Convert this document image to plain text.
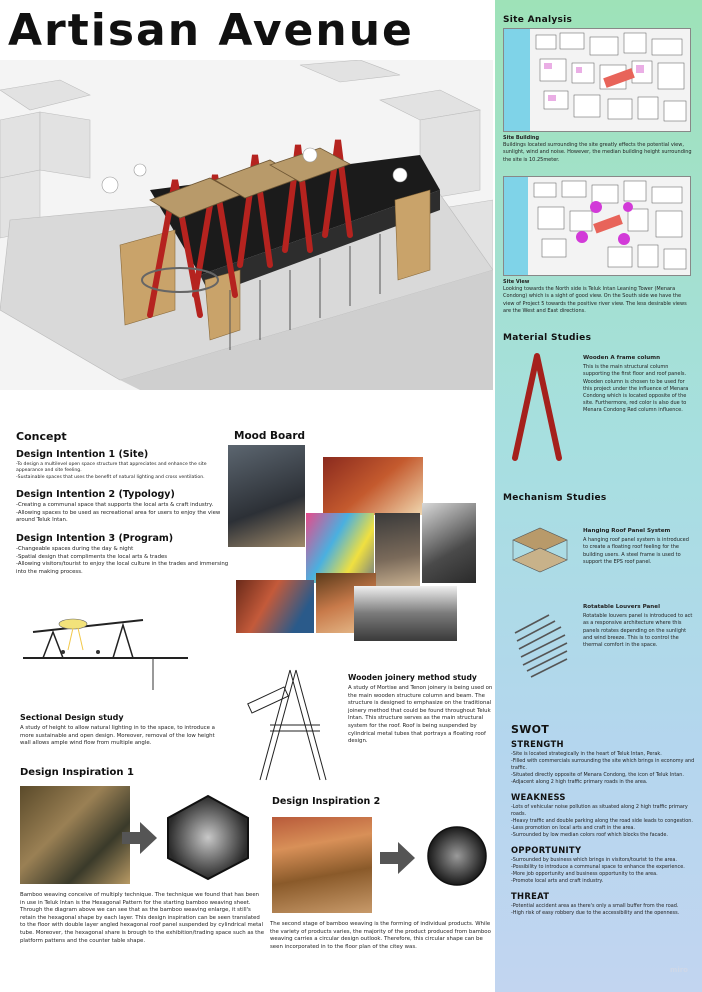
Artisan Avenue
Concept
Design Intention 1 (Site)
-To design a multilevel open space structure that appreciates and enhance the site appearance and site feeling.
-Sustainable spaces that uses the benefit of natural lighting and cross ventilation.
Design Intention 2 (Typology)
-Creating a communal space that supports the local arts & craft industry.
-Allowing spaces to be used as recreational area for users to enjoy the view around Teluk Intan.
Design Intention 3 (Program)
-Changeable spaces during the day & night
-Spatial design that compliments the local arts & trades
-Allowing visitors/tourist to enjoy the local culture in the trades and immersing into the making process.
Mood Board
Sectional Design study
A study of height to allow natural lighting in to the space, to introduce a more sustainable and open design. Moreover, removal of the low height wall allows ample wind flow from multiple angle.
Wooden joinery method study
A study of Mortise and Tenon joinery is being used on the main wooden structure column and beam. The structure is designed to emphasize on the traditional joinery method that could be found throughout Teluk Intan. This structure serves as the main structural system for the roof. Roof is being suspended by cylindrical metal tubes that portrays a floating roof design.
Design Inspiration 1
Bamboo weaving conceive of multiply technique. The technique we found that has been in use in Teluk Intan is the Hexagonal Pattern for the starting bamboo weaving sheet. Through the diagram above we can see that as the bamboo weaving enlarge, it still's retain the hexagonal shape by each layer. This design inspiration can be seen translated to the floor with double layer angled hexagonal roof panel suspended by cylindrical metal tube. Moreover, the hexagonal share is brough to the exhibition/trading space such as the platform pattens and the counter table shape.
Design Inspiration 2
The second stage of bamboo weaving is the forming of individual products. While the variety of products varies, the majority of the product produced from bamboo weaving carries a circular design outlook. Therefore, this circular shape can be seen incorporated in to the floor plan of the citey was.
Site Analysis
Site Building
Buildings located surrounding the site greatly effects the potential view, sunlight, wind and noise. However, the median building height surrounding the site is 10.25meter.
Site View
Looking towards the North side is Teluk Intan Leaning Tower (Menara Condong) which is a sight of good view. On the South side we have the view of Project 5 towards the positive river view. The less desirable views are the West and East directions.
Material Studies
Wooden A frame column
This is the main structural column supporting the first floor and roof panels. Wooden column is chosen to be used for this project under the influence of Menara Condong which is located opposite of the site. Furthermore, red color is also due to Menara Condong Red column influence.
Mechanism Studies
Hanging Roof Panel System
A hanging roof panel system is introduced to create a floating roof feeling for the building users. A steel frame is used to support the EPS roof panel.
Rotatable Louvers Panel
Rotatable louvers panel is introduced to act as a responsive architecture where this panels rotates depending on the sunlight and wind breeze. This is to control the thermal comfort in the space.
SWOT
STRENGTH
-Site is located strategically in the heart of Teluk Intan, Perak.
-Filled with commercials surrounding the site which brings in economy and traffic.
-Situated directly opposite of Menara Condong, the icon of Teluk Intan.
-Adjacent along 2 high traffic primary roads in the area.
WEAKNESS
-Lots of vehicular noise pollution as situated along 2 high traffic primary roads.
-Heavy traffic and double parking along the road side leads to congestion.
-Less promotion on local arts and craft in the area.
-Surrounded by low median colors roof which blocks the facade.
OPPORTUNITY
-Surrounded by business which brings in visitors/tourist to the area.
-Possibility to introduce a communal space to enhance the experience.
-More job opportunity and business opportunity to the area.
-Promote local arts and craft industry.
THREAT
-Potential accident area as there's only a small buffer from the road.
-High risk of easy robbery due to the accessibility and the openness.
miro
